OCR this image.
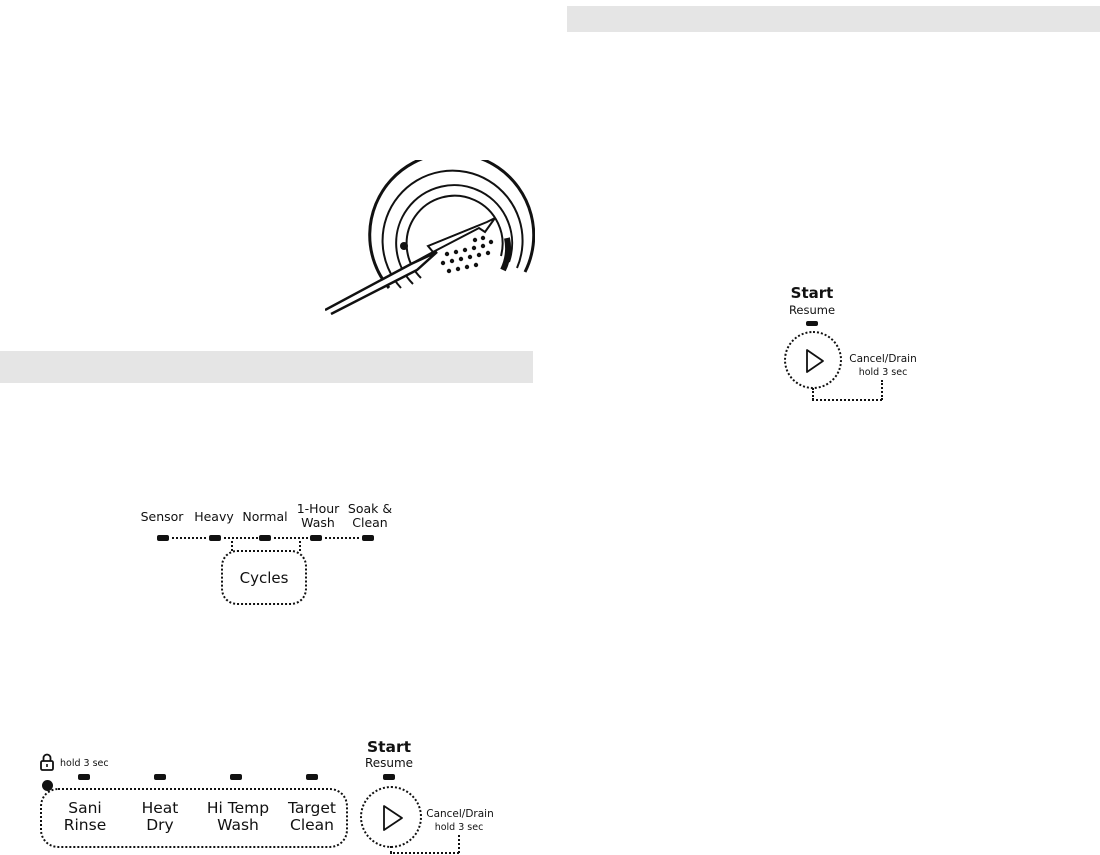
Sensor Heavy Normal
1-Hour
Wash
Soak &
Clean
Cycles
Start
Resume
Cancel/Drain
hold 3 sec
hold 3 sec
Sani
Rinse
Heat
Dry
Hi Temp
Wash
Target
Clean
Start
Resume
Cancel/Drain
hold 3 sec
